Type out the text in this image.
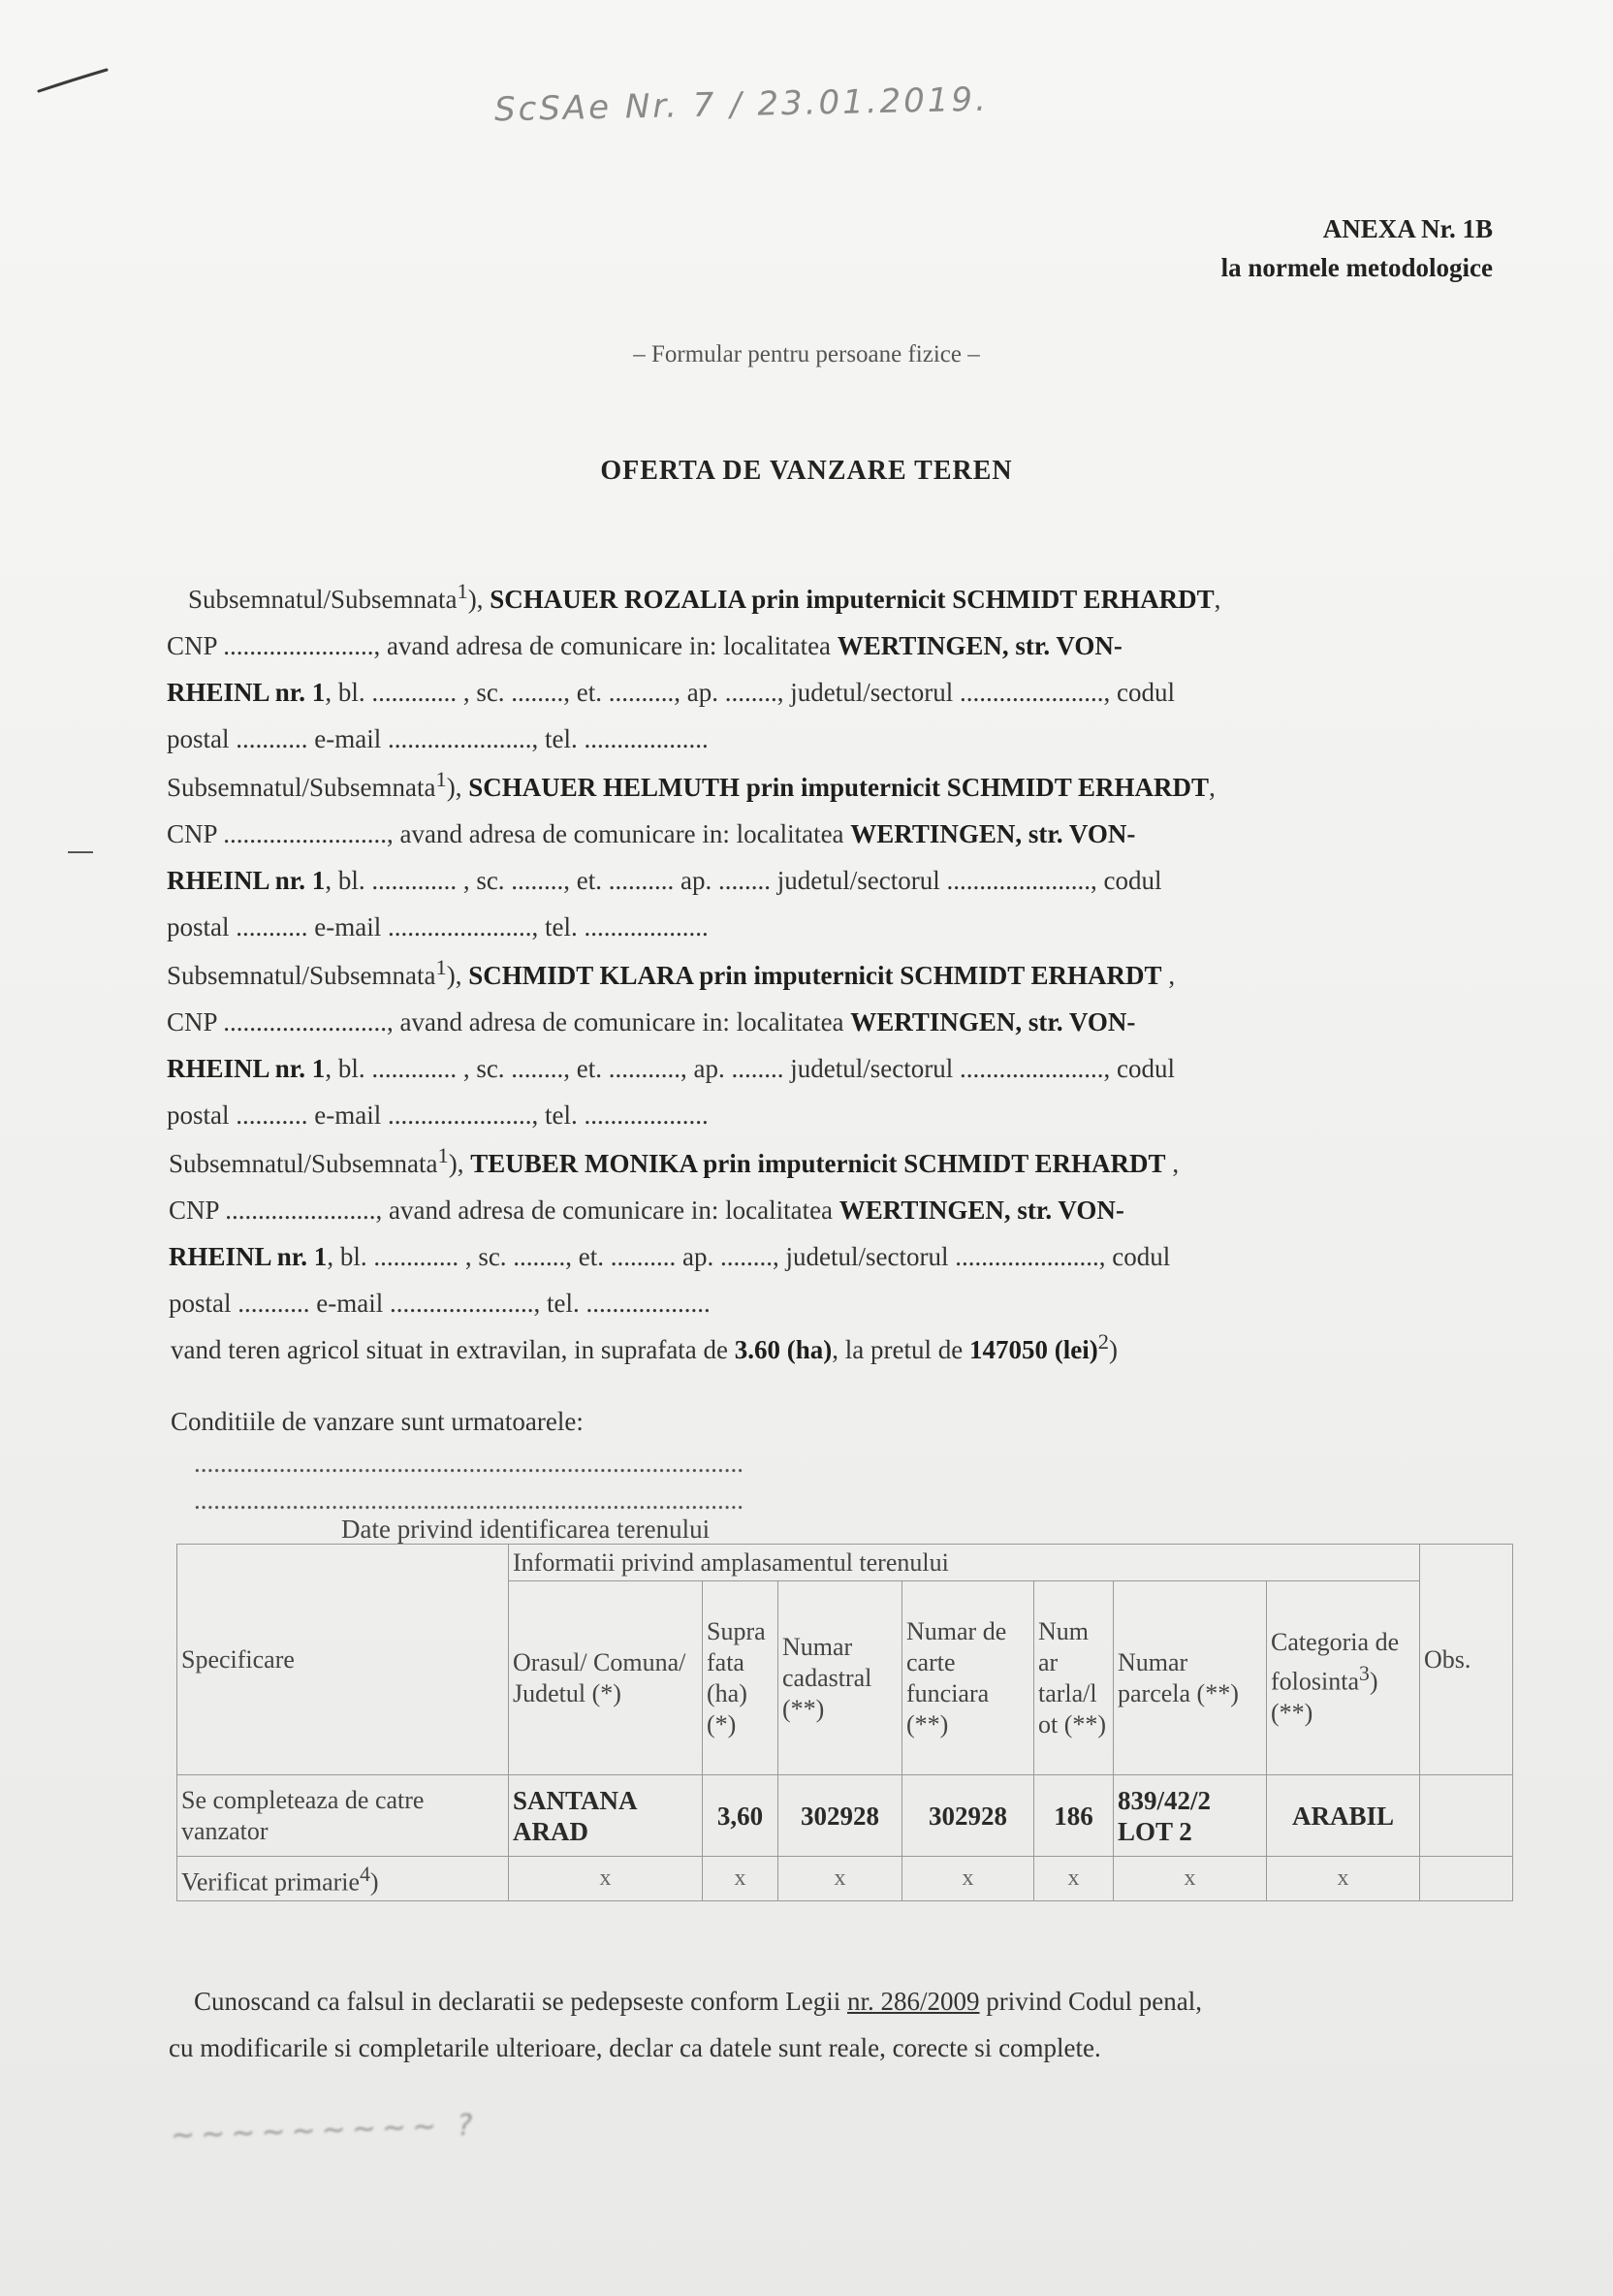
ScSAe Nr. 7 / 23.01.2019.
ANEXA Nr. 1B
la normele metodologice
– Formular pentru persoane fizice –
OFERTA DE VANZARE TEREN
Subsemnatul/Subsemnata$^1$), SCHAUER ROZALIA prin imputernicit SCHMIDT ERHARDT,
CNP ......................., avand adresa de comunicare in: localitatea WERTINGEN, str. VON-
RHEINL nr. 1, bl. ............. , sc. ........, et. .........., ap. ........, judetul/sectorul ......................, codul
postal ........... e-mail ......................, tel. ...................
Subsemnatul/Subsemnata$^1$), SCHAUER HELMUTH prin imputernicit SCHMIDT ERHARDT,
CNP ........................., avand adresa de comunicare in: localitatea WERTINGEN, str. VON-
RHEINL nr. 1, bl. ............. , sc. ........, et. .......... ap. ........ judetul/sectorul ......................, codul
postal ........... e-mail ......................, tel. ...................
Subsemnatul/Subsemnata$^1$), SCHMIDT KLARA prin imputernicit SCHMIDT ERHARDT ,
CNP ........................., avand adresa de comunicare in: localitatea WERTINGEN, str. VON-
RHEINL nr. 1, bl. ............. , sc. ........, et. ..........., ap. ........ judetul/sectorul ......................, codul
postal ........... e-mail ......................, tel. ...................
Subsemnatul/Subsemnata$^1$), TEUBER MONIKA prin imputernicit SCHMIDT ERHARDT ,
CNP ......................., avand adresa de comunicare in: localitatea WERTINGEN, str. VON-
RHEINL nr. 1, bl. ............. , sc. ........, et. .......... ap. ........, judetul/sectorul ......................, codul
postal ........... e-mail ......................, tel. ...................
vand teren agricol situat in extravilan, in suprafata de 3.60 (ha), la pretul de 147050 (lei)$^2$)
Conditiile de vanzare sunt urmatoarele:
....................................................................................
....................................................................................
Date privind identificarea terenului
Specificare	Informatii privind amplasamentul terenului							Obs.
	Orasul/ Comuna/ Judetul (*)	Supra fata (ha) (*)	Numar cadastral (**)	Numar de carte funciara (**)	Num ar tarla/l ot (**)	Numar parcela (**)	Categoria de folosinta$^3$) (**)	
Se completeaza de catre vanzator	SANTANA ARAD	3,60	302928	302928	186	839/42/2 LOT 2	ARABIL	
Verificat primarie$^4$)	x	x	x	x	x	x	x	
Cunoscand ca falsul in declaratii se pedepseste conform Legii nr. 286/2009 privind Codul penal,
cu modificarile si completarile ulterioare, declar ca datele sunt reale, corecte si complete.
~~~~~~~~~ ?
